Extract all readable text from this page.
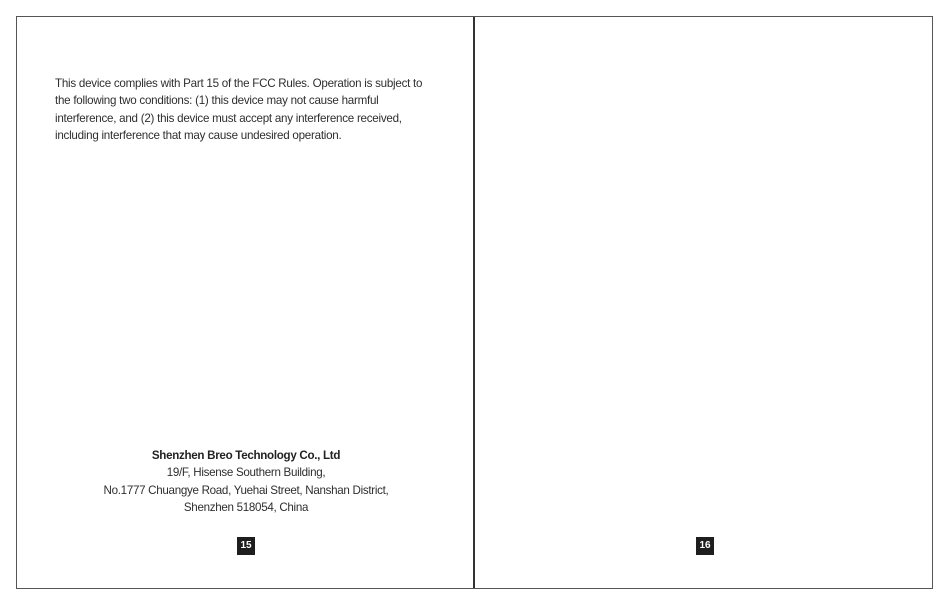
This device complies with Part 15 of the FCC Rules. Operation is subject to the following two conditions: (1) this device may not cause harmful interference, and (2) this device must accept any interference received, including interference that may cause undesired operation.

Shenzhen Breo Technology Co., Ltd
19/F, Hisense Southern Building,
No.1777 Chuangye Road, Yuehai Street, Nanshan District,
Shenzhen 518054, China
15	16
